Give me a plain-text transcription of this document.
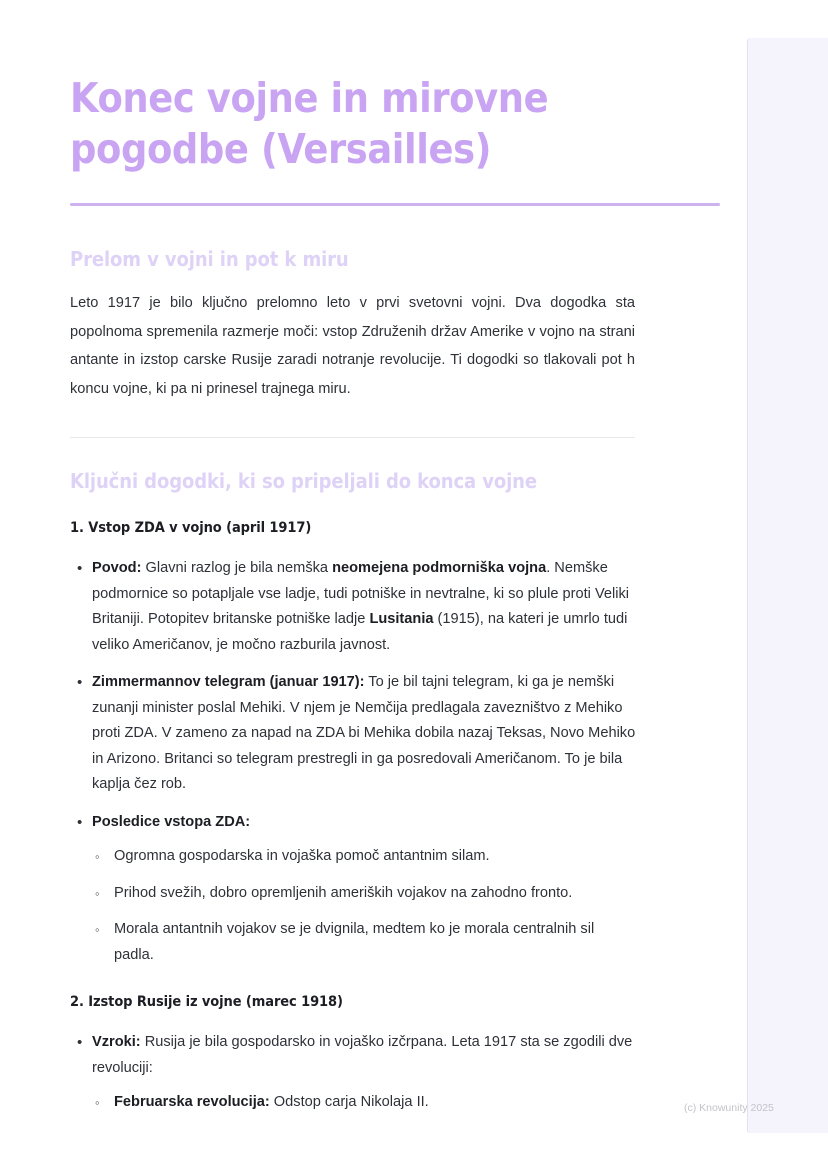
Konec vojne in mirovne pogodbe (Versailles)
Prelom v vojni in pot k miru

Leto 1917 je bilo ključno prelomno leto v prvi svetovni vojni. Dva dogodka sta popolnoma spremenila razmerje moči: vstop Združenih držav Amerike v vojno na strani antante in izstop carske Rusije zaradi notranje revolucije. Ti dogodki so tlakovali pot h koncu vojne, ki pa ni prinesel trajnega miru.

Ključni dogodki, ki so pripeljali do konca vojne
1. Vstop ZDA v vojno (april 1917)
• Povod: Glavni razlog je bila nemška neomejena podmorniška vojna. Nemške podmornice so potapljale vse ladje, tudi potniške in nevtralne, ki so plule proti Veliki Britaniji. Potopitev britanske potniške ladje Lusitania (1915), na kateri je umrlo tudi veliko Američanov, je močno razburila javnost.
• Zimmermannov telegram (januar 1917): To je bil tajni telegram, ki ga je nemški zunanji minister poslal Mehiki. V njem je Nemčija predlagala zavezništvo z Mehiko proti ZDA. V zameno za napad na ZDA bi Mehika dobila nazaj Teksas, Novo Mehiko in Arizono. Britanci so telegram prestregli in ga posredovali Američanom. To je bila kaplja čez rob.
• Posledice vstopa ZDA:
◦ Ogromna gospodarska in vojaška pomoč antantnim silam.
◦ Prihod svežih, dobro opremljenih ameriških vojakov na zahodno fronto.
◦ Morala antantnih vojakov se je dvignila, medtem ko je morala centralnih sil padla.
2. Izstop Rusije iz vojne (marec 1918)
• Vzroki: Rusija je bila gospodarsko in vojaško izčrpana. Leta 1917 sta se zgodili dve revoluciji:
◦ Februarska revolucija: Odstop carja Nikolaja II.	(c) Knowunity 2025
